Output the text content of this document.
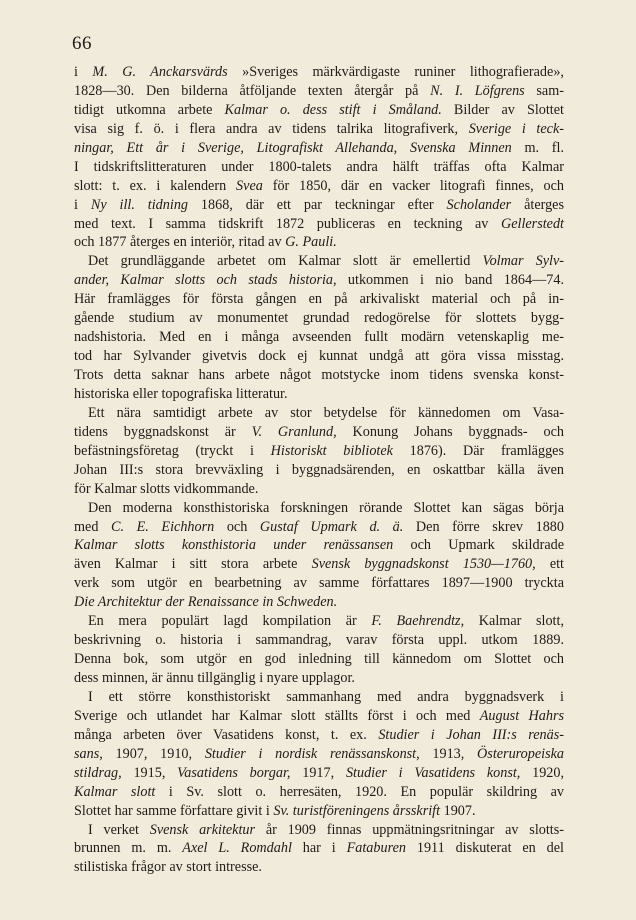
66
i M. G. Anckarsvärds »Sveriges märkvärdigaste runiner lithografierade»,
1828—30. Den bilderna åtföljande texten återgår på N. I. Löfgrens sam-
tidigt utkomna arbete Kalmar o. dess stift i Småland. Bilder av Slottet
visa sig f. ö. i flera andra av tidens talrika litografiverk, Sverige i teck-
ningar, Ett år i Sverige, Litografiskt Allehanda, Svenska Minnen m. fl.
I tidskriftslitteraturen under 1800-talets andra hälft träffas ofta Kalmar
slott: t. ex. i kalendern Svea för 1850, där en vacker litografi finnes, och
i Ny ill. tidning 1868, där ett par teckningar efter Scholander återges
med text. I samma tidskrift 1872 publiceras en teckning av Gellerstedt
och 1877 återges en interiör, ritad av G. Pauli.
Det grundläggande arbetet om Kalmar slott är emellertid Volmar Sylv-
ander, Kalmar slotts och stads historia, utkommen i nio band 1864—74.
Här framlägges för första gången en på arkivaliskt material och på in-
gående studium av monumentet grundad redogörelse för slottets bygg-
nadshistoria. Med en i många avseenden fullt modärn vetenskaplig me-
tod har Sylvander givetvis dock ej kunnat undgå att göra vissa misstag.
Trots detta saknar hans arbete något motstycke inom tidens svenska konst-
historiska eller topografiska litteratur.
Ett nära samtidigt arbete av stor betydelse för kännedomen om Vasa-
tidens byggnadskonst är V. Granlund, Konung Johans byggnads- och
befästningsföretag (tryckt i Historiskt bibliotek 1876). Där framlägges
Johan III:s stora brevväxling i byggnadsärenden, en oskattbar källa även
för Kalmar slotts vidkommande.
Den moderna konsthistoriska forskningen rörande Slottet kan sägas börja
med C. E. Eichhorn och Gustaf Upmark d. ä. Den förre skrev 1880
Kalmar slotts konsthistoria under renässansen och Upmark skildrade
även Kalmar i sitt stora arbete Svensk byggnadskonst 1530—1760, ett
verk som utgör en bearbetning av samme författares 1897—1900 tryckta
Die Architektur der Renaissance in Schweden.
En mera populärt lagd kompilation är F. Baehrendtz, Kalmar slott,
beskrivning o. historia i sammandrag, varav första uppl. utkom 1889.
Denna bok, som utgör en god inledning till kännedom om Slottet och
dess minnen, är ännu tillgänglig i nyare upplagor.
I ett större konsthistoriskt sammanhang med andra byggnadsverk i
Sverige och utlandet har Kalmar slott ställts först i och med August Hahrs
många arbeten över Vasatidens konst, t. ex. Studier i Johan III:s renäs-
sans, 1907, 1910, Studier i nordisk renässanskonst, 1913, Österuropeiska
stildrag, 1915, Vasatidens borgar, 1917, Studier i Vasatidens konst, 1920,
Kalmar slott i Sv. slott o. herresäten, 1920. En populär skildring av
Slottet har samme författare givit i Sv. turistföreningens årsskrift 1907.
I verket Svensk arkitektur år 1909 finnas uppmätningsritningar av slotts-
brunnen m. m. Axel L. Romdahl har i Fataburen 1911 diskuterat en del
stilistiska frågor av stort intresse.
